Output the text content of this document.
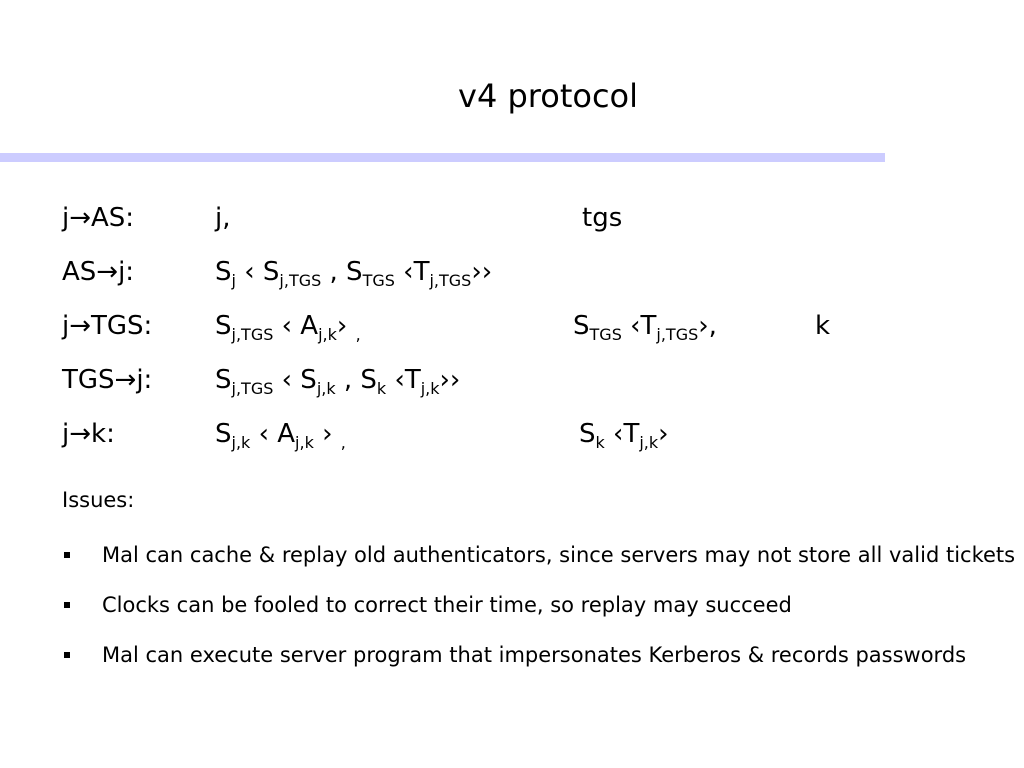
v4 protocol
j→AS:	j,	tgs
AS→j:	$S_j$ ‹ $S_{j,TGS}$ , $S_{TGS}$ $‹T_{j,TGS}››$
j→TGS: $S_{j,TGS}$ ‹ $A_{j,k}›$ $_,$	$S_{TGS}$ $‹T_{j,TGS}›$,	k
TGS→j: $S_{j,TGS}$ ‹ $S_{j,k}$ , $S_k$ $‹T_{j,k}››$
j→k:	$S_{j,k}$ ‹ $A_{j,k}$ › $_,$	$S_k$ $‹T_{j,k}›$
Issues:
Mal can cache & replay old authenticators, since servers may not store all valid tickets
Clocks can be fooled to correct their time, so replay may succeed
Mal can execute server program that impersonates Kerberos & records passwords
